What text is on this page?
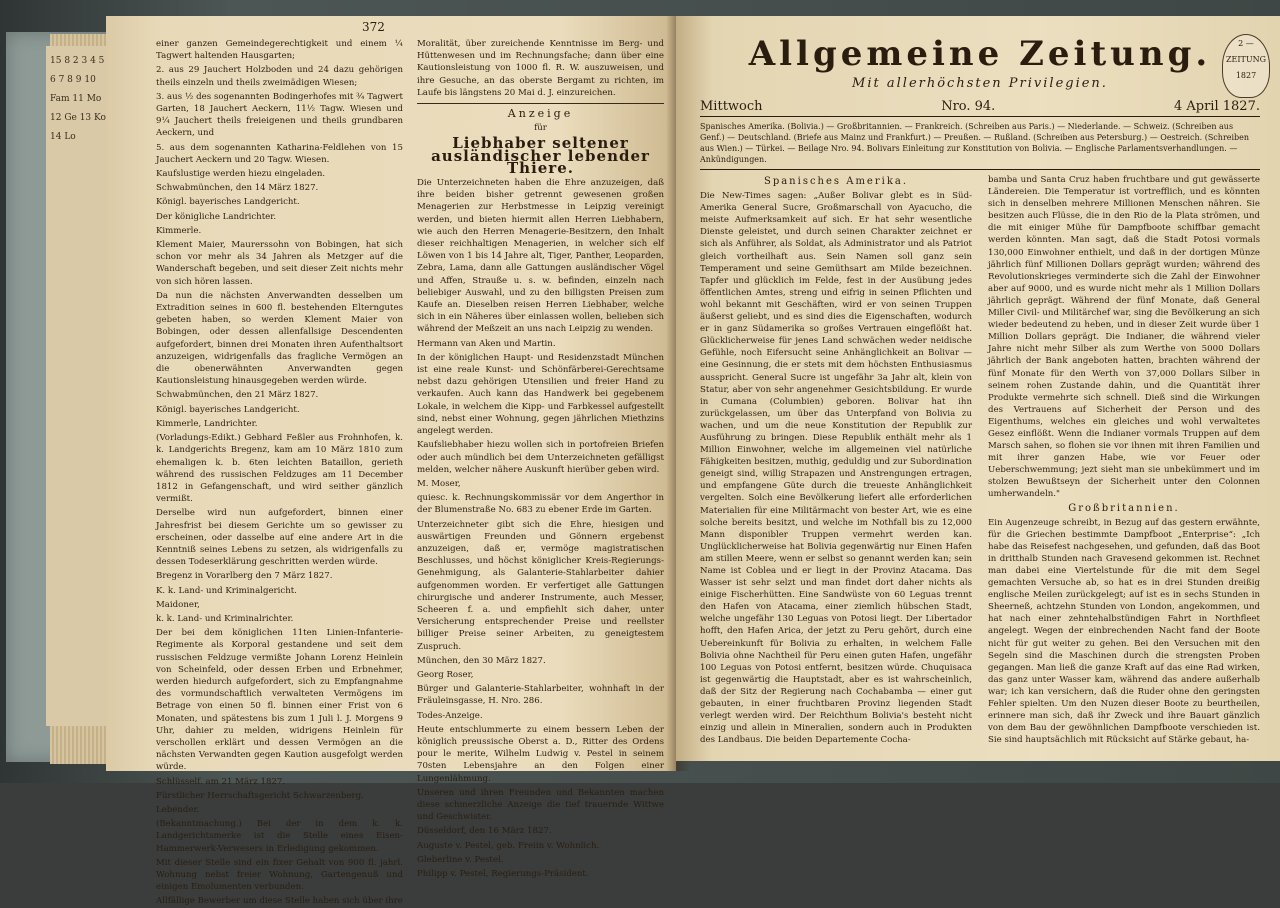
15 8 2 3 4 5 6 7 8 9 10 Fam 11 Mo 12 Ge 13 Ko 14 Lo
372

einer ganzen Gemeindegerechtigkeit und einem ¼ Tagwert haltenden Hausgarten;

2. aus 29 Jauchert Holzboden und 24 dazu gehörigen theils einzeln und theils zweimädigen Wiesen;

3. aus ½ des sogenannten Bodingerhofes mit ¾ Tagwert Garten, 18 Jauchert Aeckern, 11½ Tagw. Wiesen und 9¼ Jauchert theils freieigenen und theils grundbaren Aeckern, und

5. aus dem sogenannten Katharina-Feldlehen von 15 Jauchert Aeckern und 20 Tagw. Wiesen.

Kaufslustige werden hiezu eingeladen.

Schwabmünchen, den 14 März 1827.

Königl. bayerisches Landgericht.

Der königliche Landrichter.

Kimmerle.

Klement Maier, Maurerssohn von Bobingen, hat sich schon vor mehr als 34 Jahren als Metzger auf die Wanderschaft begeben, und seit dieser Zeit nichts mehr von sich hören lassen.

Da nun die nächsten Anverwandten desselben um Extradition seines in 600 fl. bestehenden Elterngutes gebeten haben, so werden Klement Maier von Bobingen, oder dessen allenfallsige Descendenten aufgefordert, binnen drei Monaten ihren Aufenthaltsort anzuzeigen, widrigenfalls das fragliche Vermögen an die obenerwähnten Anverwandten gegen Kautionsleistung hinausgegeben werden würde.

Schwabmünchen, den 21 März 1827.

Königl. bayerisches Landgericht.

Kimmerle, Landrichter.

(Vorladungs-Edikt.) Gebhard Feßler aus Frohnhofen, k. k. Landgerichts Bregenz, kam am 10 März 1810 zum ehemaligen k. b. 6ten leichten Bataillon, gerieth während des russischen Feldzuges am 11 December 1812 in Gefangenschaft, und wird seither gänzlich vermißt.

Derselbe wird nun aufgefordert, binnen einer Jahresfrist bei diesem Gerichte um so gewisser zu erscheinen, oder dasselbe auf eine andere Art in die Kenntniß seines Lebens zu setzen, als widrigenfalls zu dessen Todeserklärung geschritten werden würde.

Bregenz in Vorarlberg den 7 März 1827.

K. k. Land- und Kriminalgericht.

Maidoner,

k. k. Land- und Kriminalrichter.

Der bei dem königlichen 11ten Linien-Infanterie-Regimente als Korporal gestandene und seit dem russischen Feldzuge vermißte Johann Lorenz Heinlein von Scheinfeld, oder dessen Erben und Erbnehmer, werden hiedurch aufgefordert, sich zu Empfangnahme des vormundschaftlich verwalteten Vermögens im Betrage von einen 50 fl. binnen einer Frist von 6 Monaten, und spätestens bis zum 1 Juli l. J. Morgens 9 Uhr, dahier zu melden, widrigens Heinlein für verschollen erklärt und dessen Vermögen an die nächsten Verwandten gegen Kaution ausgefolgt werden würde.

Schlüsself. am 21 März 1827.

Fürstlicher Herrschaftsgericht Schwarzenberg.

Lebender.

(Bekanntmachung.) Bei der in dem k. k. Landgerichtsmerke ist die Stelle eines Eisen-Hammerwerk-Verwesers in Erledigung gekommen.

Mit dieser Stelle sind ein fixer Gehalt von 900 fl. jahrl. Wohnung nebst freier Wohnung, Gartengenuß und einigen Emolumenten verbunden.

Allfällige Bewerber um diese Stelle haben sich über ihre

Moralität, über zureichende Kenntnisse im Berg- und Hüttenwesen und im Rechnungsfache; dann über eine Kautionsleistung von 1000 fl. R. W. auszuweisen, und ihre Gesuche, an das oberste Bergamt zu richten, im Laufe bis längstens 20 Mai d. J. einzureichen.

Anzeige
für
Liebhaber seltener ausländischer lebender Thiere.

Die Unterzeichneten haben die Ehre anzuzeigen, daß ihre beiden bisher getrennt gewesenen großen Menagerien zur Herbstmesse in Leipzig vereinigt werden, und bieten hiermit allen Herren Liebhabern, wie auch den Herren Menagerie-Besitzern, den Inhalt dieser reichhaltigen Menagerien, in welcher sich elf Löwen von 1 bis 14 Jahre alt, Tiger, Panther, Leoparden, Zebra, Lama, dann alle Gattungen ausländischer Vögel und Affen, Strauße u. s. w. befinden, einzeln nach beliebiger Auswahl, und zu den billigsten Preisen zum Kaufe an. Dieselben reisen Herren Liebhaber, welche sich in ein Näheres über einlassen wollen, belieben sich während der Meßzeit an uns nach Leipzig zu wenden.

Hermann van Aken und Martin.

In der königlichen Haupt- und Residenzstadt München ist eine reale Kunst- und Schönfärberei-Gerechtsame nebst dazu gehörigen Utensilien und freier Hand zu verkaufen. Auch kann das Handwerk bei gegebenem Lokale, in welchem die Kipp- und Farbkessel aufgestellt sind, nebst einer Wohnung, gegen jährlichen Miethzins angelegt werden.

Kaufsliebhaber hiezu wollen sich in portofreien Briefen oder auch mündlich bei dem Unterzeichneten gefälligst melden, welcher nähere Auskunft hierüber geben wird.

M. Moser,

quiesc. k. Rechnungskommissär vor dem Angerthor in der Blumenstraße No. 683 zu ebener Erde im Garten.

Unterzeichneter gibt sich die Ehre, hiesigen und auswärtigen Freunden und Gönnern ergebenst anzuzeigen, daß er, vermöge magistratischen Beschlusses, und höchst königlicher Kreis-Regierungs-Genehmigung, als Galanterie-Stahlarbeiter dahier aufgenommen worden. Er verfertiget alle Gattungen chirurgische und anderer Instrumente, auch Messer, Scheeren f. a. und empfiehlt sich daher, unter Versicherung entsprechender Preise und reellster billiger Preise seiner Arbeiten, zu geneigtestem Zuspruch.

München, den 30 März 1827.

Georg Roser,

Bürger und Galanterie-Stahlarbeiter, wohnhaft in der Fräuleinsgasse, H. Nro. 286.

Todes-Anzeige.

Heute entschlummerte zu einem bessern Leben der königlich preussische Oberst a. D., Ritter des Ordens pour le merite, Wilhelm Ludwig v. Pestel in seinem 70sten Lebensjahre an den Folgen einer Lungenlähmung.

Unseren und ihren Freunden und Bekannten machen diese schmerzliche Anzeige die tief trauernde Wittwe und Geschwister.

Düsseldorf, den 16 März 1827.

Auguste v. Pestel, geb. Freiin v. Wohnlich.

Gleberline v. Pestel.

Philipp v. Pestel, Regierungs-Präsident.

2 —
ZEITUNG
1827
Allgemeine Zeitung.
Mit allerhöchsten Privilegien.
Mittwoch	Nro. 94.	4 April 1827.
Spanisches Amerika. (Bolivia.) — Großbritannien. — Frankreich. (Schreiben aus Paris.) — Niederlande. — Schweiz. (Schreiben aus Genf.) — Deutschland. (Briefe aus Mainz und Frankfurt.) — Preußen. — Rußland. (Schreiben aus Petersburg.) — Oestreich. (Schreiben aus Wien.) — Türkei. — Beilage Nro. 94. Bolivars Einleitung zur Konstitution von Bolivia. — Englische Parlamentsverhandlungen. — Ankündigungen.
Spanisches Amerika.

Die New-Times sagen: „Außer Bolivar glebt es in Süd-Amerika General Sucre, Großmarschall von Ayacucho, die meiste Aufmerksamkeit auf sich. Er hat sehr wesentliche Dienste geleistet, und durch seinen Charakter zeichnet er sich als Anführer, als Soldat, als Administrator und als Patriot gleich vortheilhaft aus. Sein Namen soll ganz sein Temperament und seine Gemüthsart am Milde bezeichnen. Tapfer und glücklich im Felde, fest in der Ausübung jedes öffentlichen Amtes, streng und eifrig in seinen Pflichten und wohl bekannt mit Geschäften, wird er von seinen Truppen äußerst geliebt, und es sind dies die Eigenschaften, wodurch er in ganz Südamerika so großes Vertrauen eingeflößt hat. Glücklicherweise für jenes Land schwächen weder neidische Gefühle, noch Eifersucht seine Anhänglichkeit an Bolivar — eine Gesinnung, die er stets mit dem höchsten Enthusiasmus ausspricht. General Sucre ist ungefähr 3a Jahr alt, klein von Statur, aber von sehr angenehmer Gesichtsbildung. Er wurde in Cumana (Columbien) geboren. Bolivar hat ihn zurückgelassen, um über das Unterpfand von Bolivia zu wachen, und um die neue Konstitution der Republik zur Ausführung zu bringen. Diese Republik enthält mehr als 1 Million Einwohner, welche im allgemeinen viel natürliche Fähigkeiten besitzen, muthig, geduldig und zur Subordination geneigt sind, willig Strapazen und Anstrengungen ertragen, und empfangene Güte durch die treueste Anhänglichkeit vergelten. Solch eine Bevölkerung liefert alle erforderlichen Materialien für eine Militärmacht von bester Art, wie es eine solche bereits besitzt, und welche im Nothfall bis zu 12,000 Mann disponibler Truppen vermehrt werden kan. Unglücklicherweise hat Bolivia gegenwärtig nur Einen Hafen am stillen Meere, wenn er selbst so genannt werden kan; sein Name ist Coblea und er liegt in der Provinz Atacama. Das Wasser ist sehr selzt und man findet dort daher nichts als einige Fischerhütten. Eine Sandwüste von 60 Leguas trennt den Hafen von Atacama, einer ziemlich hübschen Stadt, welche ungefähr 130 Leguas von Potosi liegt. Der Libertador hofft, den Hafen Arica, der jetzt zu Peru gehört, durch eine Uebereinkunft für Bolivia zu erhalten, in welchem Falle Bolivia ohne Nachtheil für Peru einen guten Hafen, ungefähr 100 Leguas von Potosi entfernt, besitzen würde. Chuquisaca ist gegenwärtig die Hauptstadt, aber es ist wahrscheinlich, daß der Sitz der Regierung nach Cochabamba — einer gut gebauten, in einer fruchtbaren Provinz liegenden Stadt verlegt werden wird. Der Reichthum Bolivia's besteht nicht einzig und allein in Mineralien, sondern auch in Produkten des Landbaus. Die beiden Departemente Cocha-

bamba und Santa Cruz haben fruchtbare und gut gewässerte Ländereien. Die Temperatur ist vortrefflich, und es könnten sich in denselben mehrere Millionen Menschen nähren. Sie besitzen auch Flüsse, die in den Rio de la Plata strömen, und die mit einiger Mühe für Dampfboote schiffbar gemacht werden könnten. Man sagt, daß die Stadt Potosi vormals 130,000 Einwohner enthielt, und daß in der dortigen Münze jährlich fünf Millionen Dollars geprägt wurden; während des Revolutionskrieges verminderte sich die Zahl der Einwohner aber auf 9000, und es wurde nicht mehr als 1 Million Dollars jährlich geprägt. Während der fünf Monate, daß General Miller Civil- und Militärchef war, sing die Bevölkerung an sich wieder bedeutend zu heben, und in dieser Zeit wurde über 1 Million Dollars geprägt. Die Indianer, die während vieler Jahre nicht mehr Silber als zum Werthe von 5000 Dollars jährlich der Bank angeboten hatten, brachten während der fünf Monate für den Werth von 37,000 Dollars Silber in seinem rohen Zustande dahin, und die Quantität ihrer Produkte vermehrte sich schnell. Dieß sind die Wirkungen des Vertrauens auf Sicherheit der Person und des Eigenthums, welches ein gleiches und wohl verwaltetes Gesez einflößt. Wenn die Indianer vormals Truppen auf dem Marsch sahen, so flohen sie vor ihnen mit ihren Familien und mit ihrer ganzen Habe, wie vor Feuer oder Ueberschwemmung; jezt sieht man sie unbekümmert und im stolzen Bewußtseyn der Sicherheit unter den Colonnen umherwandeln."

Großbritannien.

Ein Augenzeuge schreibt, in Bezug auf das gestern erwähnte, für die Griechen bestimmte Dampfboot „Enterprise“: „Ich habe das Reisefest nachgesehen, und gefunden, daß das Boot in dritthalb Stunden nach Gravesend gekommen ist. Rechnet man dabei eine Viertelstunde für die mit dem Segel gemachten Versuche ab, so hat es in drei Stunden dreißig englische Meilen zurückgelegt; auf ist es in sechs Stunden in Sheerneß, achtzehn Stunden von London, angekommen, und hat nach einer zehntehalbstündigen Fahrt in Northfleet angelegt. Wegen der einbrechenden Nacht fand der Boote nicht für gut weiter zu gehen. Bei den Versuchen mit den Segeln sind die Maschinen durch die strengsten Proben gegangen. Man ließ die ganze Kraft auf das eine Rad wirken, das ganz unter Wasser kam, während das andere außerhalb war; ich kan versichern, daß die Ruder ohne den geringsten Fehler spielten. Um den Nuzen dieser Boote zu beurtheilen, erinnere man sich, daß ihr Zweck und ihre Bauart gänzlich von dem Bau der gewöhnlichen Dampfboote verschieden ist. Sie sind hauptsächlich mit Rücksicht auf Stärke gebaut, ha-
